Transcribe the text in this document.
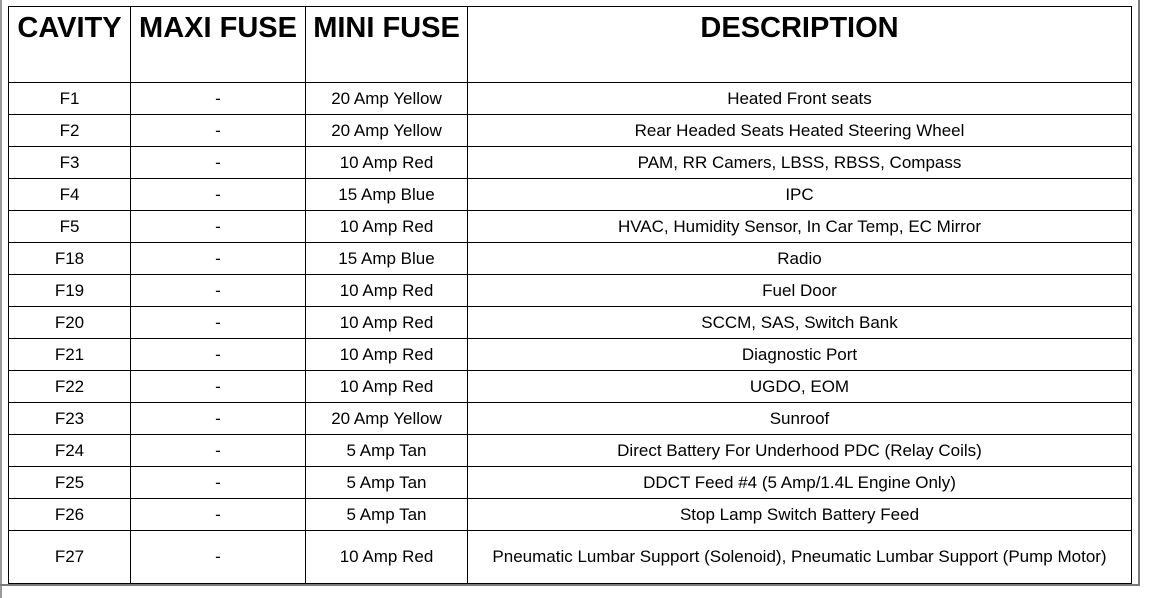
CAVITY	MAXI FUSE	MINI FUSE	DESCRIPTION
F1	-	20 Amp Yellow	Heated Front seats
F2	-	20 Amp Yellow	Rear Headed Seats Heated Steering Wheel
F3	-	10 Amp Red	PAM, RR Camers, LBSS, RBSS, Compass
F4	-	15 Amp Blue	IPC
F5	-	10 Amp Red	HVAC, Humidity Sensor, In Car Temp, EC Mirror
F18	-	15 Amp Blue	Radio
F19	-	10 Amp Red	Fuel Door
F20	-	10 Amp Red	SCCM, SAS, Switch Bank
F21	-	10 Amp Red	Diagnostic Port
F22	-	10 Amp Red	UGDO, EOM
F23	-	20 Amp Yellow	Sunroof
F24	-	5 Amp Tan	Direct Battery For Underhood PDC (Relay Coils)
F25	-	5 Amp Tan	DDCT Feed #4 (5 Amp/1.4L Engine Only)
F26	-	5 Amp Tan	Stop Lamp Switch Battery Feed
F27	-	10 Amp Red	Pneumatic Lumbar Support (Solenoid), Pneumatic Lumbar Support (Pump Motor)
